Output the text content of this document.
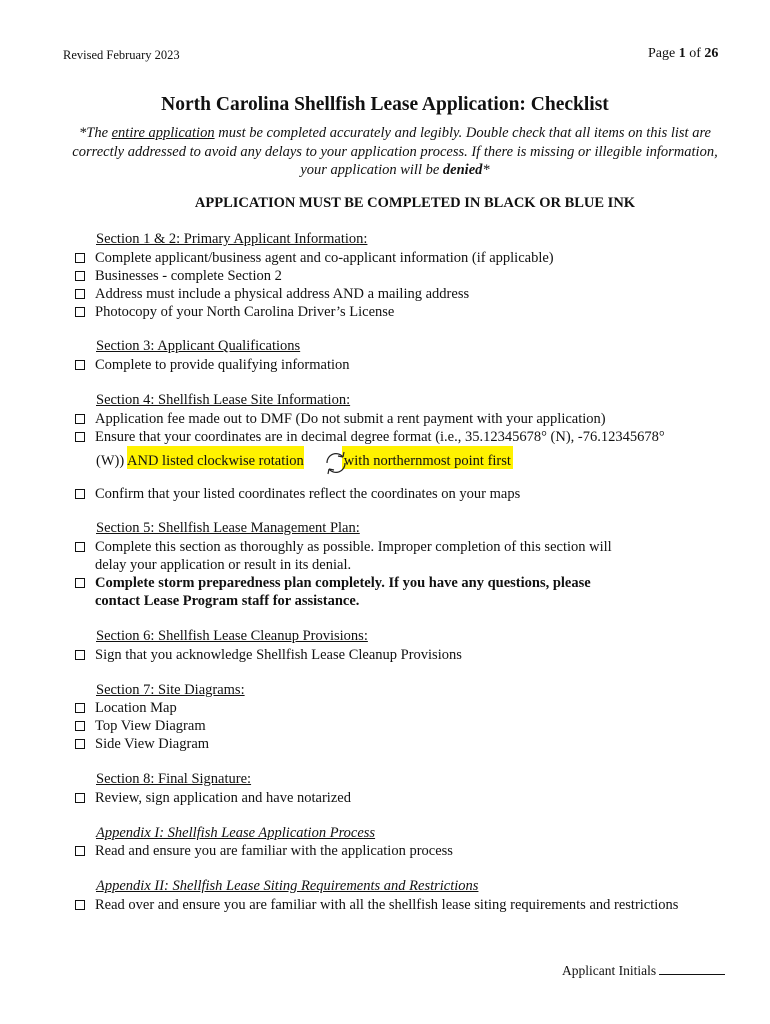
Revised February 2023	Page 1 of 26
North Carolina Shellfish Lease Application: Checklist
*The entire application must be completed accurately and legibly. Double check that all items on this list are correctly addressed to avoid any delays to your application process. If there is missing or illegible information, your application will be denied*
APPLICATION MUST BE COMPLETED IN BLACK OR BLUE INK
Section 1 & 2: Primary Applicant Information:
Complete applicant/business agent and co-applicant information (if applicable)
Businesses - complete Section 2
Address must include a physical address AND a mailing address
Photocopy of your North Carolina Driver’s License
Section 3: Applicant Qualifications
Complete to provide qualifying information
Section 4: Shellfish Lease Site Information:
Application fee made out to DMF (Do not submit a rent payment with your application)
Ensure that your coordinates are in decimal degree format (i.e., 35.12345678° (N), -76.12345678°
(W)) AND listed clockwise rotation	with northernmost point first
Confirm that your listed coordinates reflect the coordinates on your maps
Section 5: Shellfish Lease Management Plan:
Complete this section as thoroughly as possible. Improper completion of this section will
delay your application or result in its denial.
Complete storm preparedness plan completely. If you have any questions, please
contact Lease Program staff for assistance.
Section 6: Shellfish Lease Cleanup Provisions:
Sign that you acknowledge Shellfish Lease Cleanup Provisions
Section 7: Site Diagrams:
Location Map
Top View Diagram
Side View Diagram
Section 8: Final Signature:
Review, sign application and have notarized
Appendix I: Shellfish Lease Application Process
Read and ensure you are familiar with the application process
Appendix II: Shellfish Lease Siting Requirements and Restrictions
Read over and ensure you are familiar with all the shellfish lease siting requirements and restrictions
Applicant Initials
